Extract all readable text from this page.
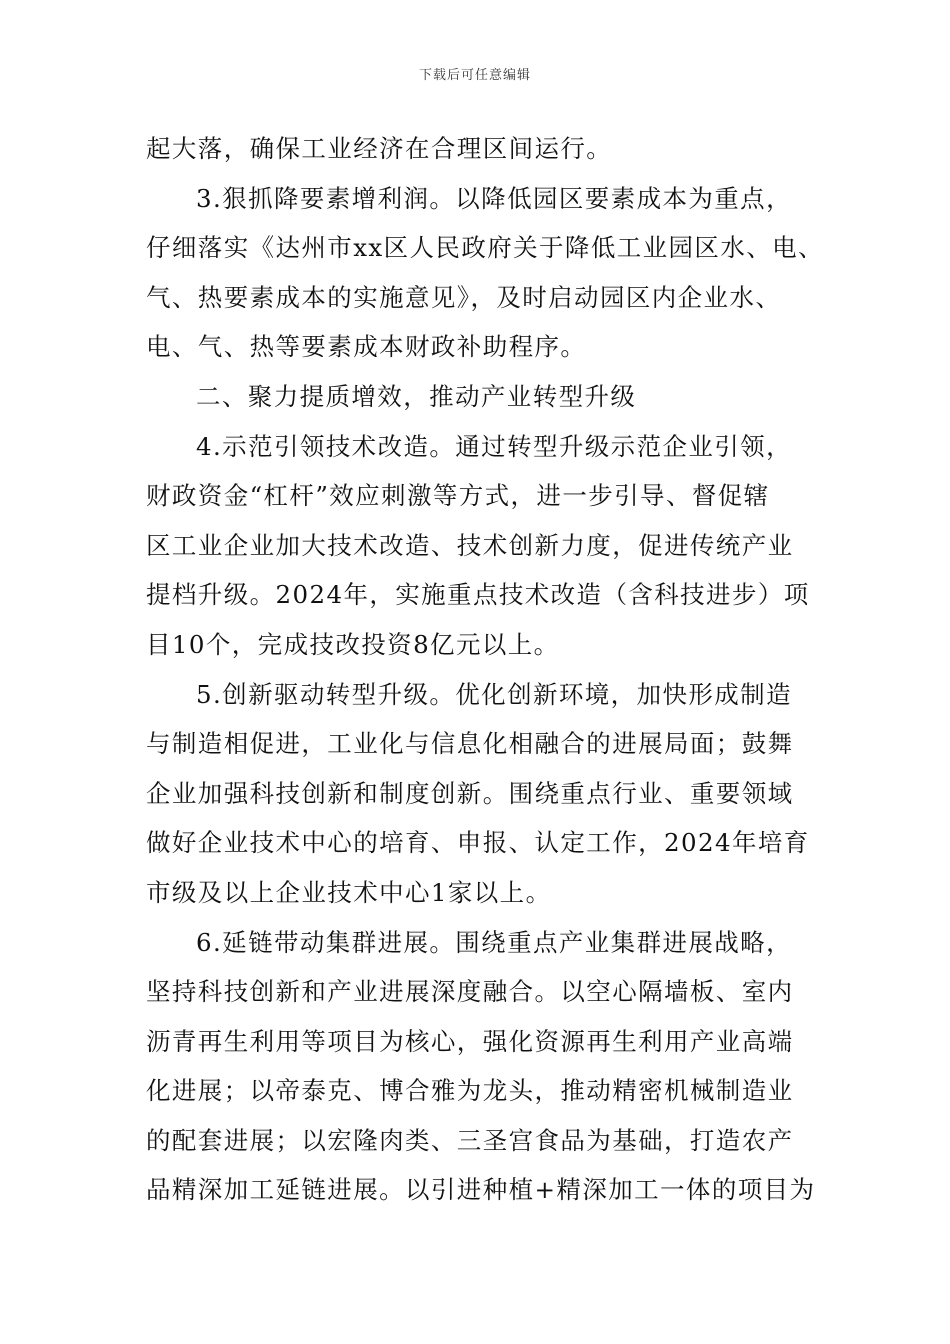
下载后可任意编辑
起大落，确保工业经济在合理区间运行。
3.狠抓降要素增利润。以降低园区要素成本为重点，
仔细落实《达州市xx区人民政府关于降低工业园区水、电、
气、热要素成本的实施意见》，及时启动园区内企业水、
电、气、热等要素成本财政补助程序。
二、聚力提质增效，推动产业转型升级
4.示范引领技术改造。通过转型升级示范企业引领，
财政资金“杠杆”效应刺激等方式，进一步引导、督促辖
区工业企业加大技术改造、技术创新力度，促进传统产业
提档升级。2024年，实施重点技术改造（含科技进步）项
目10个，完成技改投资8亿元以上。
5.创新驱动转型升级。优化创新环境，加快形成制造
与制造相促进，工业化与信息化相融合的进展局面；鼓舞
企业加强科技创新和制度创新。围绕重点行业、重要领域
做好企业技术中心的培育、申报、认定工作，2024年培育
市级及以上企业技术中心1家以上。
6.延链带动集群进展。围绕重点产业集群进展战略，
坚持科技创新和产业进展深度融合。以空心隔墙板、室内
沥青再生利用等项目为核心，强化资源再生利用产业高端
化进展；以帝泰克、博合雅为龙头，推动精密机械制造业
的配套进展；以宏隆肉类、三圣宫食品为基础，打造农产
品精深加工延链进展。以引进种植+精深加工一体的项目为
